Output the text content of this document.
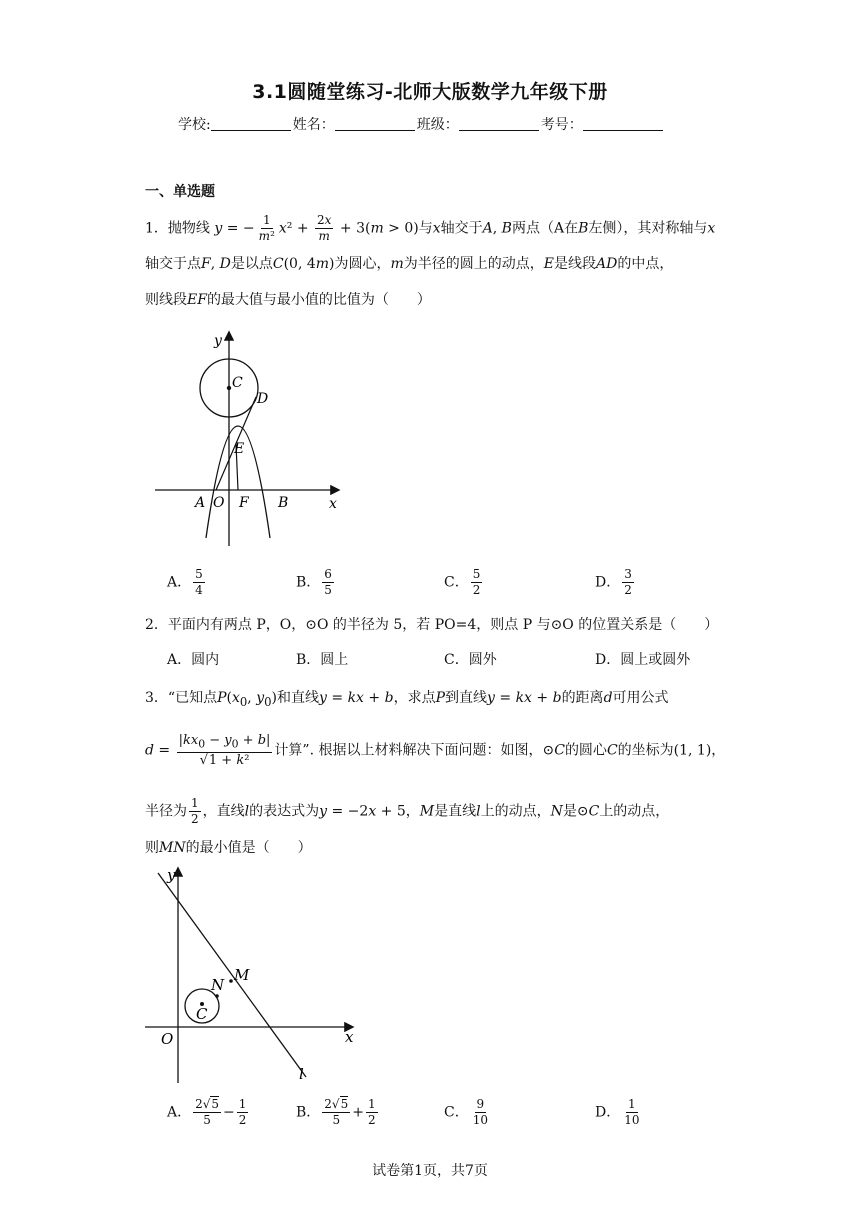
3.1圆随堂练习-北师大版数学九年级下册
学校:	姓名：	班级：	考号：
一、单选题
1．抛物线 y = − $\frac{1}{\text{m²}} x^2 + \frac{2x}{m} + 3(m > 0)$与x轴交于A, B两点（A在B左侧），其对称轴与x
轴交于点F, D是以点C(0, 4m)为圆心，m为半径的圆上的动点，E是线段AD的中点，
则线段EF的最大值与最小值的比值为（　　）
y
C
D
E
A O F B	x
A． $\frac{5}{4}$	B． $\frac{6}{5}$	C． $\frac{5}{2}$	D． $\frac{3}{2}$
2．平面内有两点 P，O，⊙O 的半径为 5，若 PO=4，则点 P 与⊙O 的位置关系是（　　）
A．圆内	B．圆上	C．圆外	D．圆上或圆外
3．“已知点$P(x_0$, $y_0$)和直线y = kx + b，求点P到直线y = kx + b的距离d可用公式
$d = \frac{|kx_0 - y_0 + b|}{\text{√1 + k²}}$ 计算”. 根据以上材料解决下面问题：如图，⊙C的圆心C的坐标为(1, 1)，
半径为 $\frac{1}{2}$ ，直线l的表达式为y = −2x + 5，M是直线l上的动点，N是⊙C上的动点，
则MN的最小值是（　　）
y
N
M
C
O	x
l
A． $\frac{2√5}{5} - \frac{1}{2}$	B． $\frac{2√5}{5} + \frac{1}{2}$	C． $\frac{9}{10}$	D． $\frac{1}{10}$
试卷第1页，共7页
